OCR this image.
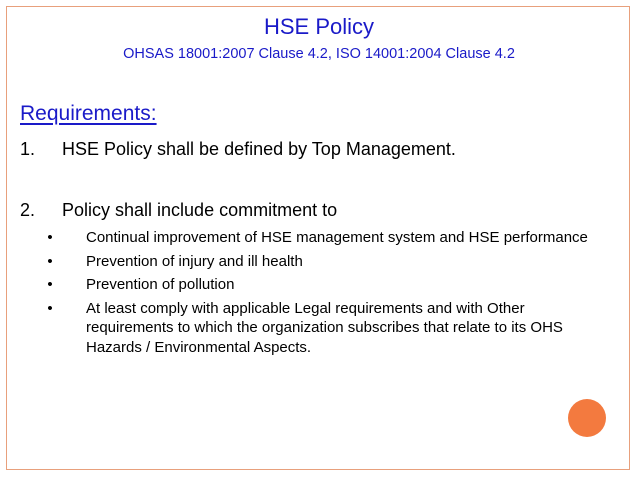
HSE Policy
OHSAS 18001:2007 Clause 4.2, ISO 14001:2004 Clause 4.2
Requirements:
1. HSE Policy shall be defined by Top Management.
2. Policy shall include commitment to
•	Continual improvement of HSE management system and HSE performance
•	Prevention of injury and ill health
•	Prevention of pollution
•	At least comply with applicable Legal requirements and with Other requirements to which the organization subscribes that relate to its OHS Hazards / Environmental Aspects.
